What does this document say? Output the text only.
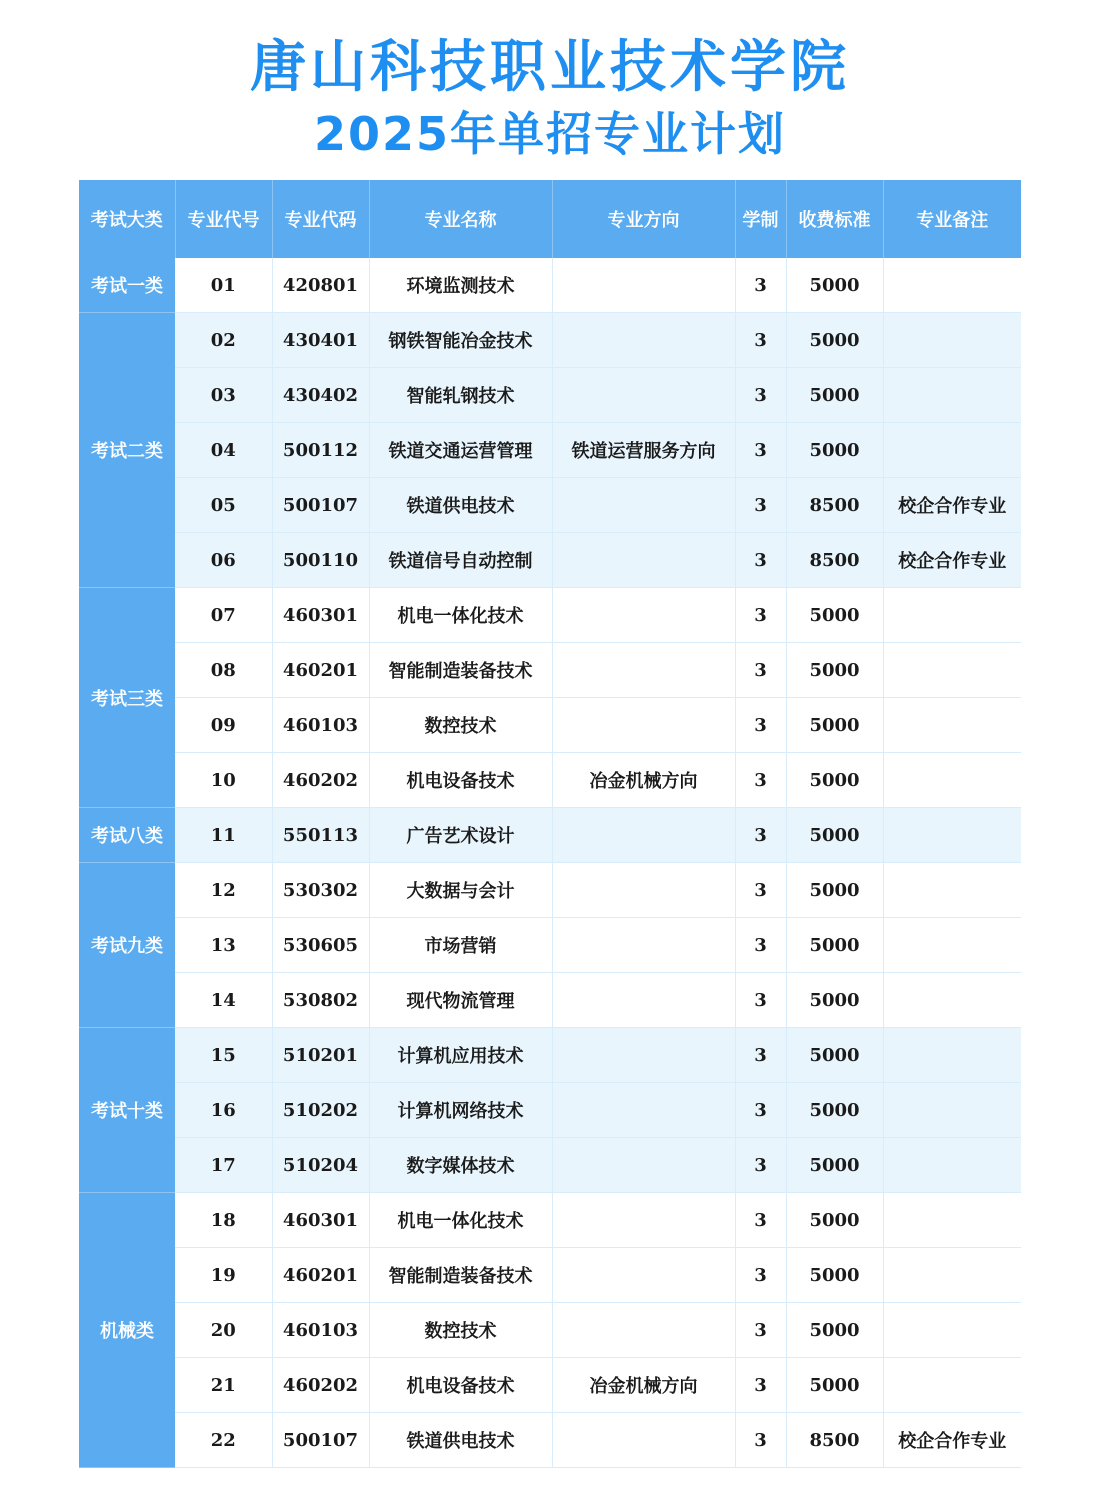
唐山科技职业技术学院
2025年单招专业计划
考试大类	专业代号	专业代码	专业名称	专业方向	学制	收费标准	专业备注
考试一类	01	420801	环境监测技术		3	5000	
考试二类	02	430401	钢铁智能冶金技术		3	5000	
	03	430402	智能轧钢技术		3	5000	
	04	500112	铁道交通运营管理	铁道运营服务方向	3	5000	
	05	500107	铁道供电技术		3	8500	校企合作专业
	06	500110	铁道信号自动控制		3	8500	校企合作专业
考试三类	07	460301	机电一体化技术		3	5000	
	08	460201	智能制造装备技术		3	5000	
	09	460103	数控技术		3	5000	
	10	460202	机电设备技术	冶金机械方向	3	5000	
考试八类	11	550113	广告艺术设计		3	5000	
考试九类	12	530302	大数据与会计		3	5000	
	13	530605	市场营销		3	5000	
	14	530802	现代物流管理		3	5000	
考试十类	15	510201	计算机应用技术		3	5000	
	16	510202	计算机网络技术		3	5000	
	17	510204	数字媒体技术		3	5000	
机械类	18	460301	机电一体化技术		3	5000	
	19	460201	智能制造装备技术		3	5000	
	20	460103	数控技术		3	5000	
	21	460202	机电设备技术	冶金机械方向	3	5000	
	22	500107	铁道供电技术		3	8500	校企合作专业
